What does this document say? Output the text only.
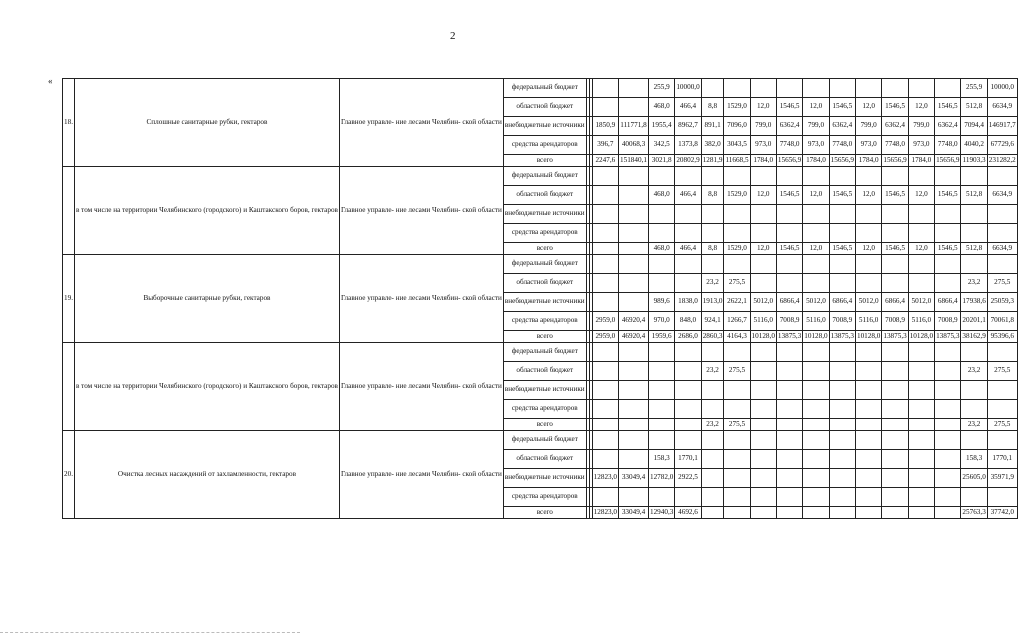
2
«
18.	Сплошные санитарные рубки, гектаров	Главное управле- ние лесами Челябин- ской области	федеральный бюджет					255,9	10000,0											255,9	10000,0
			областной бюджет					468,0	466,4	8,8	1529,0	12,0	1546,5	12,0	1546,5	12,0	1546,5	12,0	1546,5	512,8	6634,9
			внебюджетные источники			1850,9	111771,8	1955,4	8962,7	891,1	7096,0	799,0	6362,4	799,0	6362,4	799,0	6362,4	799,0	6362,4	7094,4	146917,7
			средства арендаторов			396,7	40068,3	342,5	1373,8	382,0	3043,5	973,0	7748,0	973,0	7748,0	973,0	7748,0	973,0	7748,0	4040,2	67729,6
			всего			2247,6	151840,1	3021,8	20802,9	1281,9	11668,5	1784,0	15656,9	1784,0	15656,9	1784,0	15656,9	1784,0	15656,9	11903,3	231282,2
	в том числе на территории Челябинского (городского) и Каштакского боров, гектаров	Главное управле- ние лесами Челябин- ской области	федеральный бюджет																		
			областной бюджет					468,0	466,4	8,8	1529,0	12,0	1546,5	12,0	1546,5	12,0	1546,5	12,0	1546,5	512,8	6634,9
			внебюджетные источники																		
			средства арендаторов																		
			всего					468,0	466,4	8,8	1529,0	12,0	1546,5	12,0	1546,5	12,0	1546,5	12,0	1546,5	512,8	6634,9
19.	Выборочные санитарные рубки, гектаров	Главное управле- ние лесами Челябин- ской области	федеральный бюджет																		
			областной бюджет							23,2	275,5									23,2	275,5
			внебюджетные источники					989,6	1838,0	1913,0	2622,1	5012,0	6866,4	5012,0	6866,4	5012,0	6866,4	5012,0	6866,4	17938,6	25059,3
			средства арендаторов			2959,0	46920,4	970,0	848,0	924,1	1266,7	5116,0	7008,9	5116,0	7008,9	5116,0	7008,9	5116,0	7008,9	20201,1	70061,8
			всего			2959,0	46920,4	1959,6	2686,0	2860,3	4164,3	10128,0	13875,3	10128,0	13875,3	10128,0	13875,3	10128,0	13875,3	38162,9	95396,6
	в том числе на территории Челябинского (городского) и Каштакского боров, гектаров	Главное управле- ние лесами Челябин- ской области	федеральный бюджет																		
			областной бюджет							23,2	275,5									23,2	275,5
			внебюджетные источники																		
			средства арендаторов																		
			всего							23,2	275,5									23,2	275,5
20.	Очистка лесных насаждений от захламленности, гектаров	Главное управле- ние лесами Челябин- ской области	федеральный бюджет																		
			областной бюджет					158,3	1770,1											158,3	1770,1
			внебюджетные источники			12823,0	33049,4	12782,0	2922,5											25605,0	35971,9
			средства арендаторов																		
			всего			12823,0	33049,4	12940,3	4692,6											25763,3	37742,0
